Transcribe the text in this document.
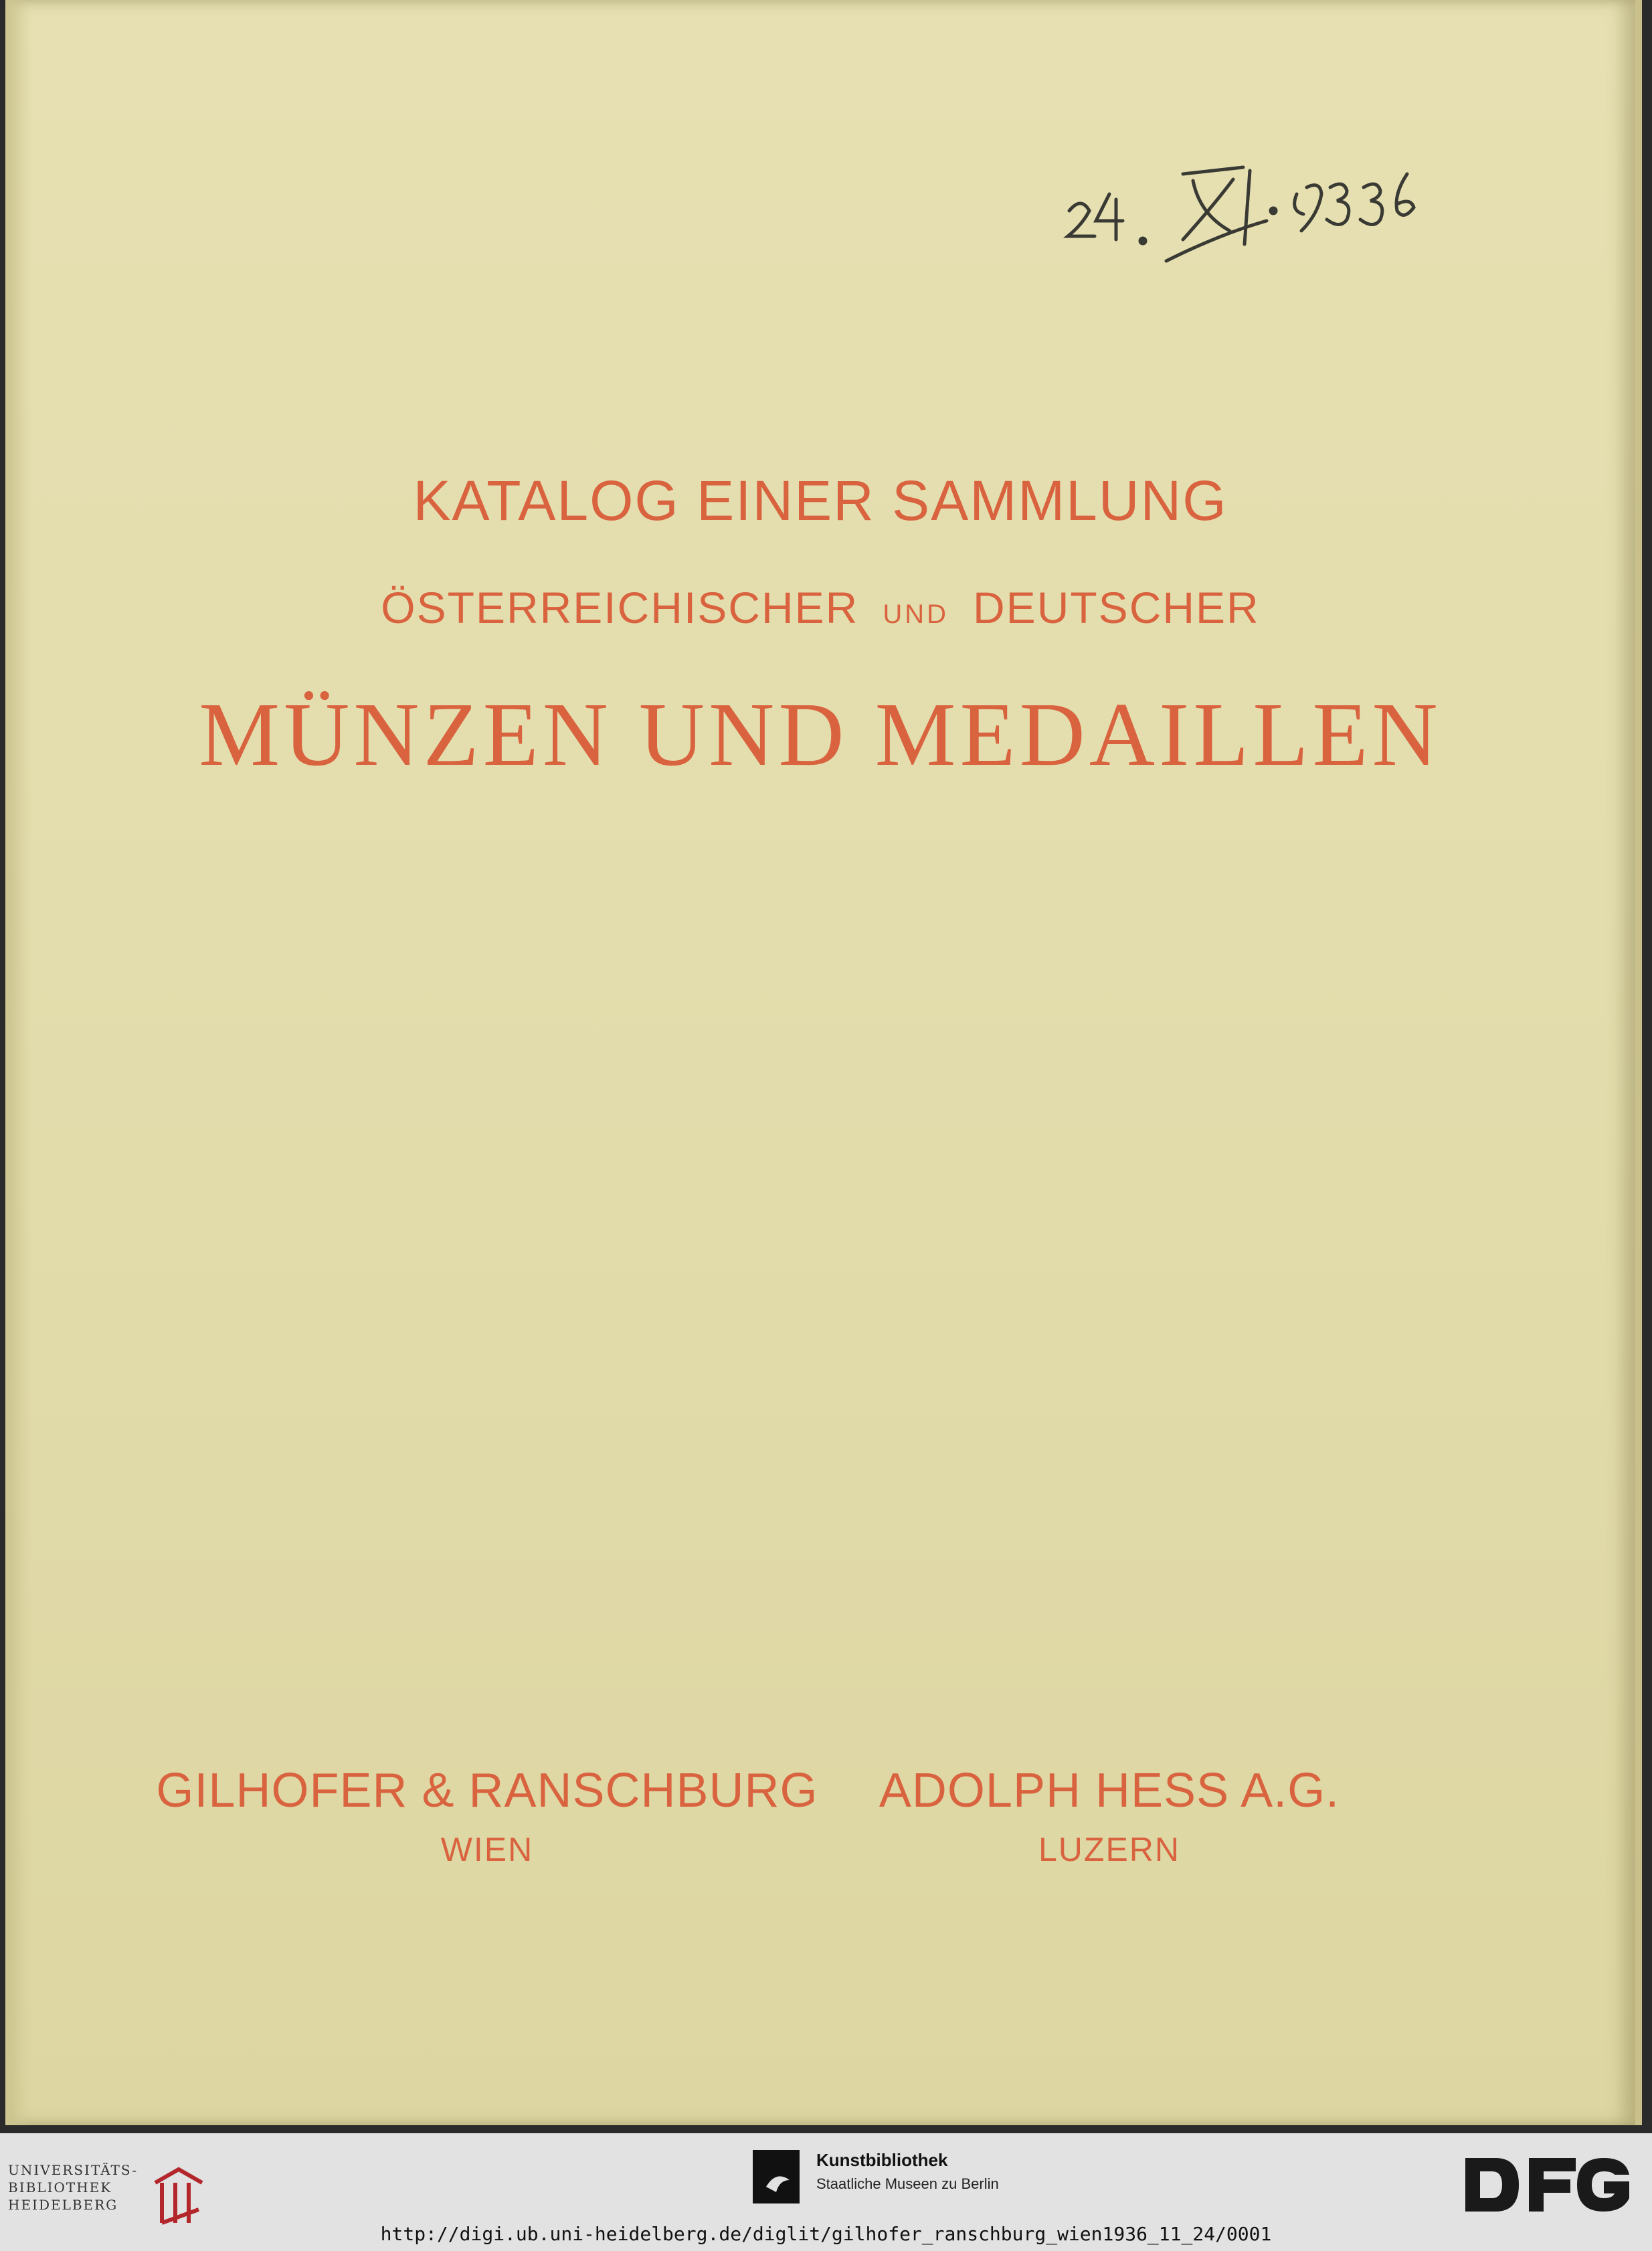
KATALOG EINER SAMMLUNG
ÖSTERREICHISCHER UND DEUTSCHER
MÜNZEN UND MEDAILLEN
GILHOFER & RANSCHBURG
WIEN
ADOLPH HESS A.G.
LUZERN
UNIVERSITÄTS-
BIBLIOTHEK
HEIDELBERG
Kunstbibliothek
Staatliche Museen zu Berlin
http://digi.ub.uni-heidelberg.de/diglit/gilhofer_ranschburg_wien1936_11_24/0001
